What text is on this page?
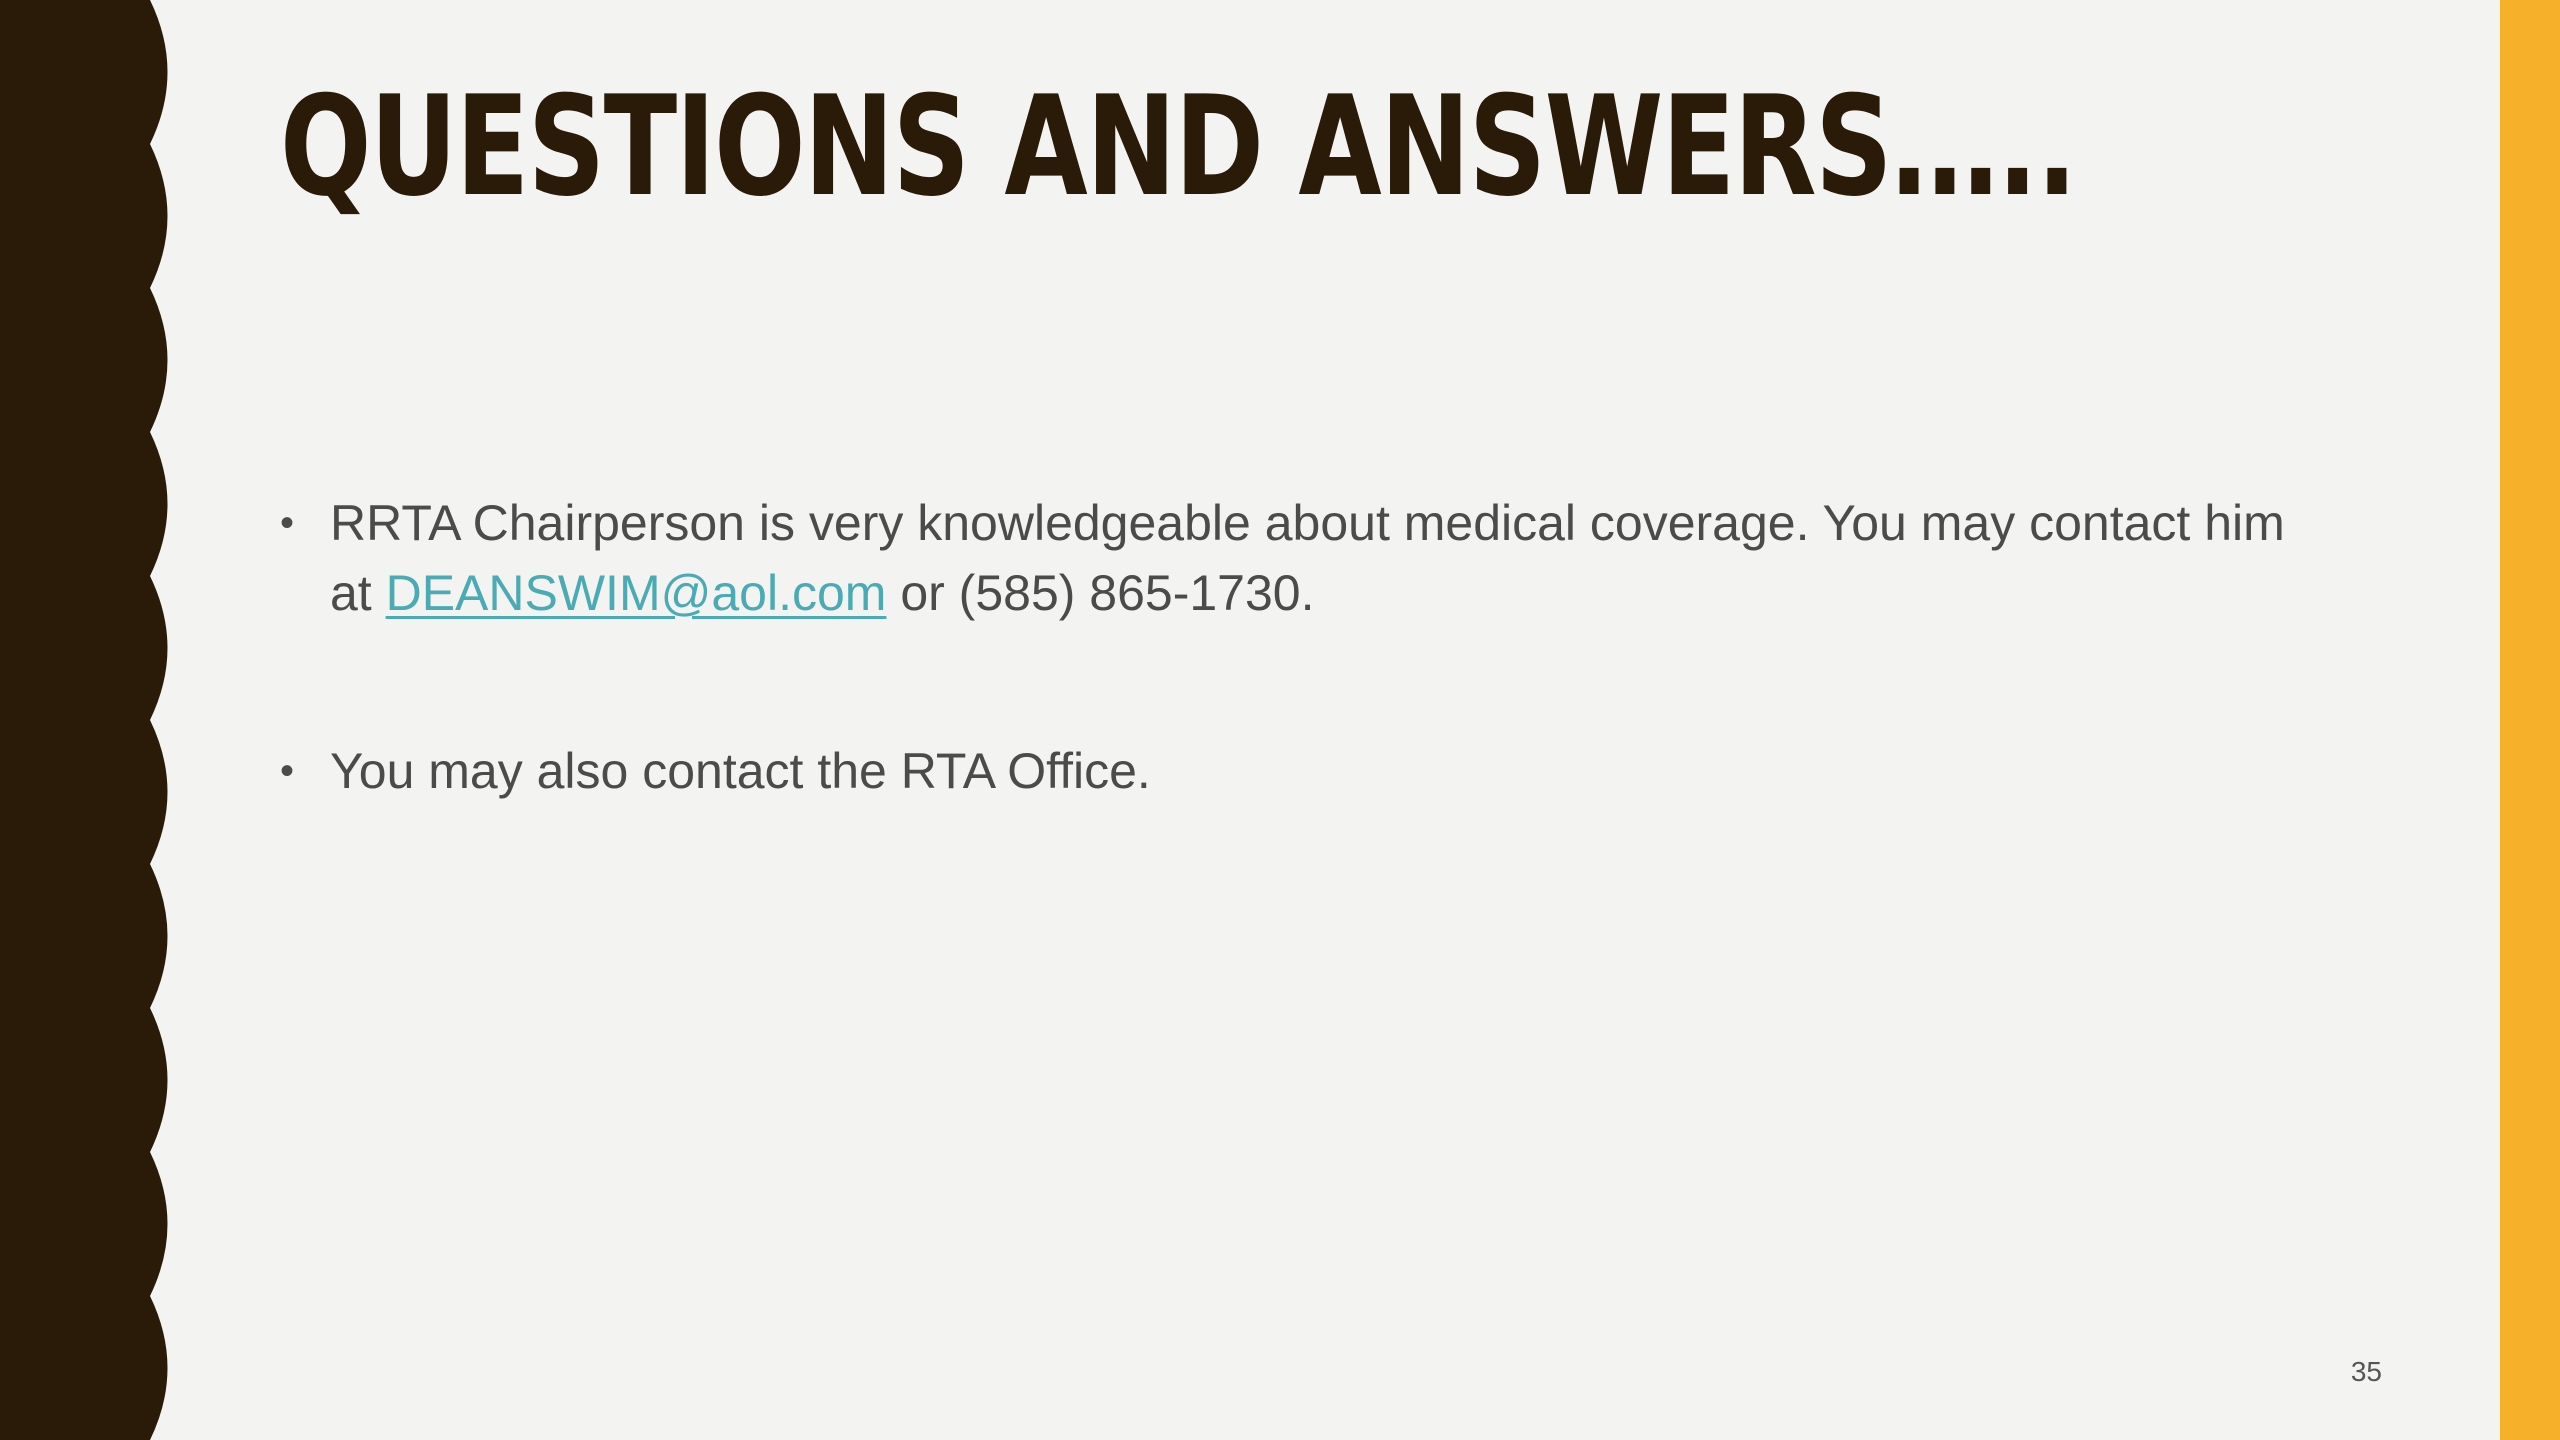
QUESTIONS AND ANSWERS…..
• RRTA Chairperson is very knowledgeable about medical coverage. You may contact him at DEANSWIM@aol.com or (585) 865-1730.
• You may also contact the RTA Office.
35
